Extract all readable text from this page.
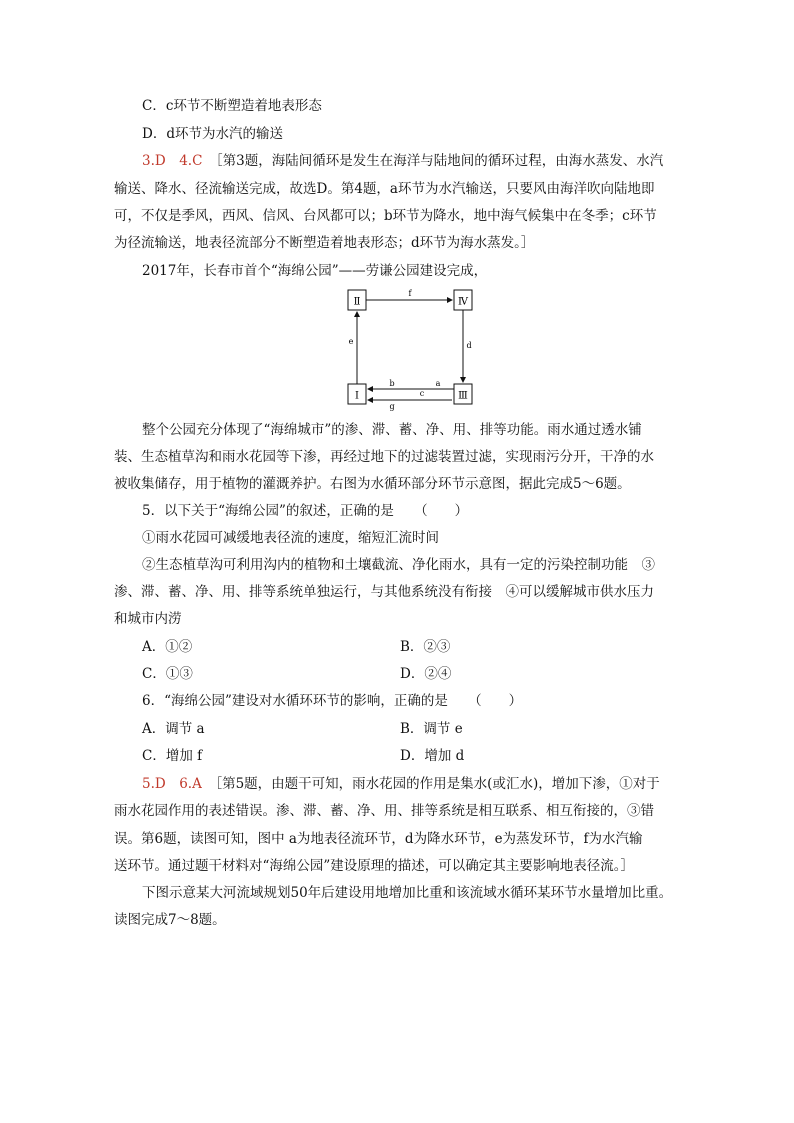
C．c环节不断塑造着地表形态
D．d环节为水汽的输送
3.D　4.C　 ［第3题，海陆间循环是发生在海洋与陆地间的循环过程，由海水蒸发、水汽
输送、降水、径流输送完成，故选D。第4题，a环节为水汽输送，只要风由海洋吹向陆地即
可，不仅是季风，西风、信风、台风都可以；b环节为降水，地中海气候集中在冬季；c环节
为径流输送，地表径流部分不断塑造着地表形态；d环节为海水蒸发。］
2017年，长春市首个“海绵公园”——劳谦公园建设完成，
Ⅱ	Ⅳ
Ⅰ	Ⅲ
f
d
e
a
b
c
g
整个公园充分体现了“海绵城市”的渗、滞、蓄、净、用、排等功能。雨水通过透水铺
装、生态植草沟和雨水花园等下渗，再经过地下的过滤装置过滤，实现雨污分开，干净的水
被收集储存，用于植物的灌溉养护。右图为水循环部分环节示意图，据此完成5～6题。
5．以下关于“海绵公园”的叙述，正确的是　　（　　）
①雨水花园可减缓地表径流的速度，缩短汇流时间
②生态植草沟可利用沟内的植物和土壤截流、净化雨水，具有一定的污染控制功能　③
渗、滞、蓄、净、用、排等系统单独运行，与其他系统没有衔接　④可以缓解城市供水压力
和城市内涝
A．①②	B．②③
C．①③	D．②④
6．“海绵公园”建设对水循环环节的影响，正确的是　　（　　）
A．调节 a	B．调节 e
C．增加 f	D．增加 d
5.D　6.A　 ［第5题，由题干可知，雨水花园的作用是集水(或汇水)，增加下渗，①对于
雨水花园作用的表述错误。渗、滞、蓄、净、用、排等系统是相互联系、相互衔接的，③错
误。第6题，读图可知，图中 a为地表径流环节，d为降水环节，e为蒸发环节，f为水汽输
送环节。通过题干材料对“海绵公园”建设原理的描述，可以确定其主要影响地表径流。］
下图示意某大河流域规划50年后建设用地增加比重和该流域水循环某环节水量增加比重。
读图完成7～8题。
